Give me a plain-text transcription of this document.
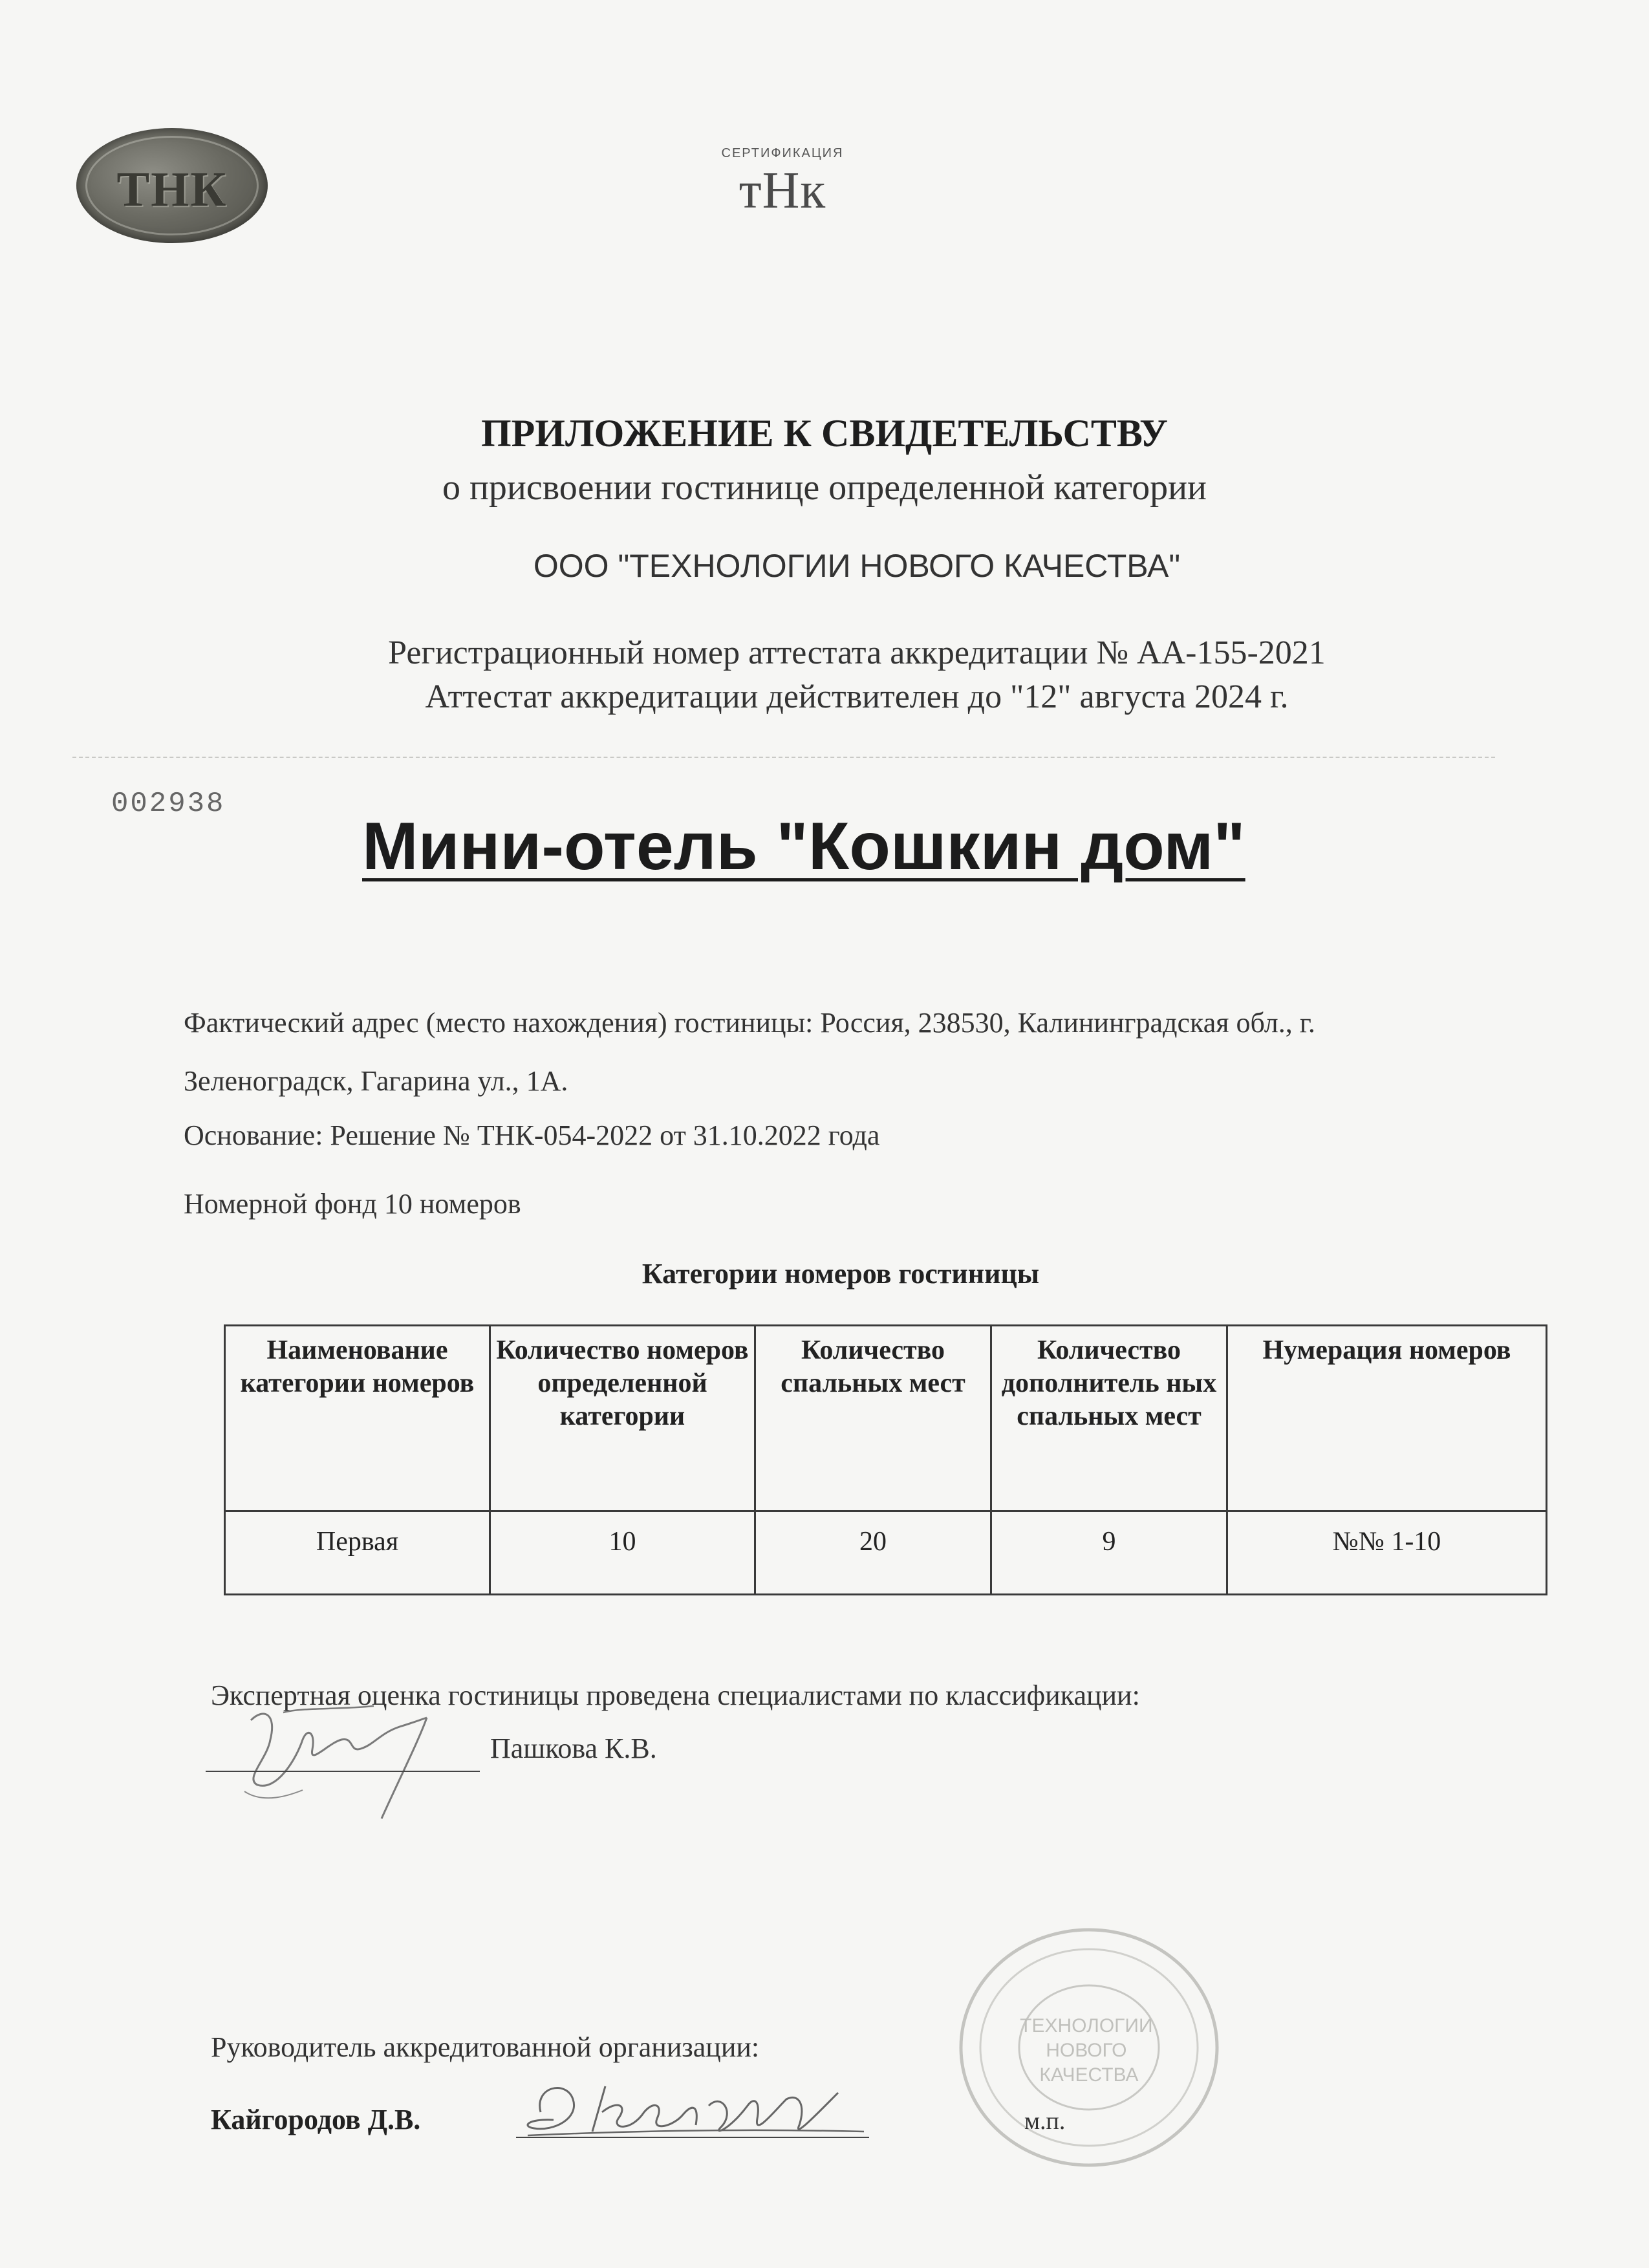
ТНК
СЕРТИФИКАЦИЯ
тНк
ПРИЛОЖЕНИЕ К СВИДЕТЕЛЬСТВУ
о присвоении гостинице определенной категории
ООО "ТЕХНОЛОГИИ НОВОГО КАЧЕСТВА"
Регистрационный номер аттестата аккредитации № АА-155-2021
Аттестат аккредитации действителен до "12" августа 2024 г.
002938
Мини-отель "Кошкин дом"
Фактический адрес (место нахождения) гостиницы: Россия, 238530, Калининградская обл., г.
Зеленоградск, Гагарина ул., 1А.
Основание: Решение № ТНК-054-2022 от 31.10.2022 года
Номерной фонд 10 номеров
Категории номеров гостиницы
Наименование категории номеров	Количество номеров определенной категории	Количество спальных мест	Количество дополнитель ных спальных мест	Нумерация номеров
Первая	10	20	9	№№ 1-10
Экспертная оценка гостиницы проведена специалистами по классификации:
Пашкова К.В.
ТЕХНОЛОГИИ НОВОГО КАЧЕСТВА
Руководитель аккредитованной организации:
Кайгородов Д.В.	м.п.
